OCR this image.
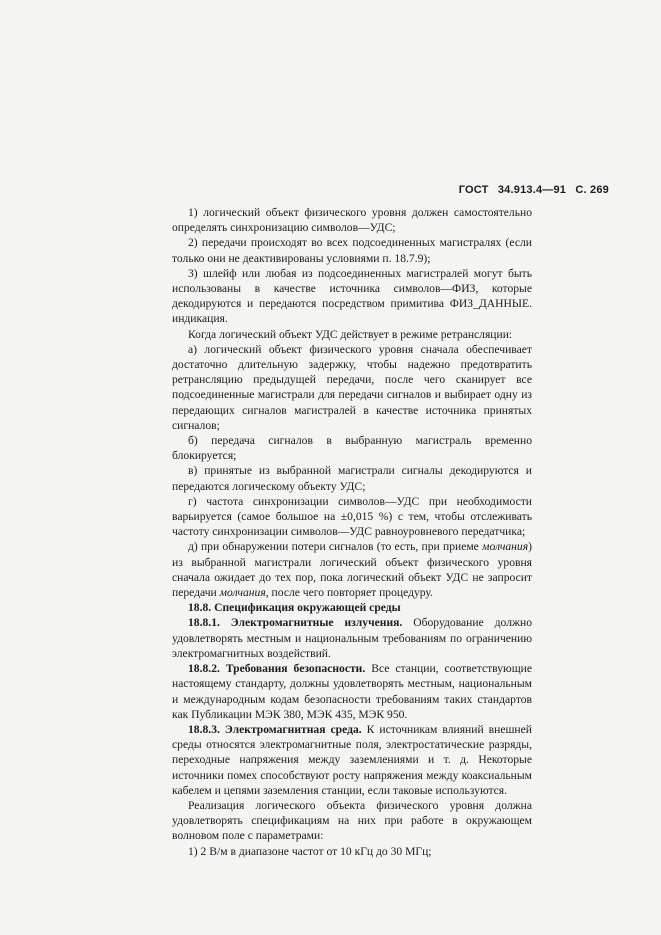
ГОСТ 34.913.4—91 С. 269

1) логический объект физического уровня должен самостоятельно определять синхронизацию символов—УДС;

2) передачи происходят во всех подсоединенных магистралях (если только они не деактивированы условиями п. 18.7.9);

3) шлейф или любая из подсоединенных магистралей могут быть использованы в качестве источника символов—ФИЗ, которые декодируются и передаются посредством примитива ФИЗ_ДАННЫЕ. индикация.

Когда логический объект УДС действует в режиме ретрансляции:

а) логический объект физического уровня сначала обеспечивает достаточно длительную задержку, чтобы надежно предотвратить ретрансляцию предыдущей передачи, после чего сканирует все подсоединенные магистрали для передачи сигналов и выбирает одну из передающих сигналов магистралей в качестве источника принятых сигналов;

б) передача сигналов в выбранную магистраль временно блокируется;

в) принятые из выбранной магистрали сигналы декодируются и передаются логическому объекту УДС;

г) частота синхронизации символов—УДС при необходимости варьируется (самое большое на ±0,015 %) с тем, чтобы отслеживать частоту синхронизации символов—УДС равноуровневого передатчика;

д) при обнаружении потери сигналов (то есть, при приеме молчания) из выбранной магистрали логический объект физического уровня сначала ожидает до тех пор, пока логический объект УДС не запросит передачи молчания, после чего повторяет процедуру.

18.8. Спецификация окружающей среды

18.8.1. Электромагнитные излучения. Оборудование должно удовлетворять местным и национальным требованиям по ограничению электромагнитных воздействий.

18.8.2. Требования безопасности. Все станции, соответствующие настоящему стандарту, должны удовлетворять местным, национальным и международным кодам безопасности требованиям таких стандартов как Публикации МЭК 380, МЭК 435, МЭК 950.

18.8.3. Электромагнитная среда. К источникам влияний внешней среды относятся электромагнитные поля, электростатические разряды, переходные напряжения между заземлениями и т. д. Некоторые источники помех способствуют росту напряжения между коаксиальным кабелем и цепями заземления станции, если таковые используются.

Реализация логического объекта физического уровня должна удовлетворять спецификациям на них при работе в окружающем волновом поле с параметрами:

1) 2 В/м в диапазоне частот от 10 кГц до 30 МГц;
